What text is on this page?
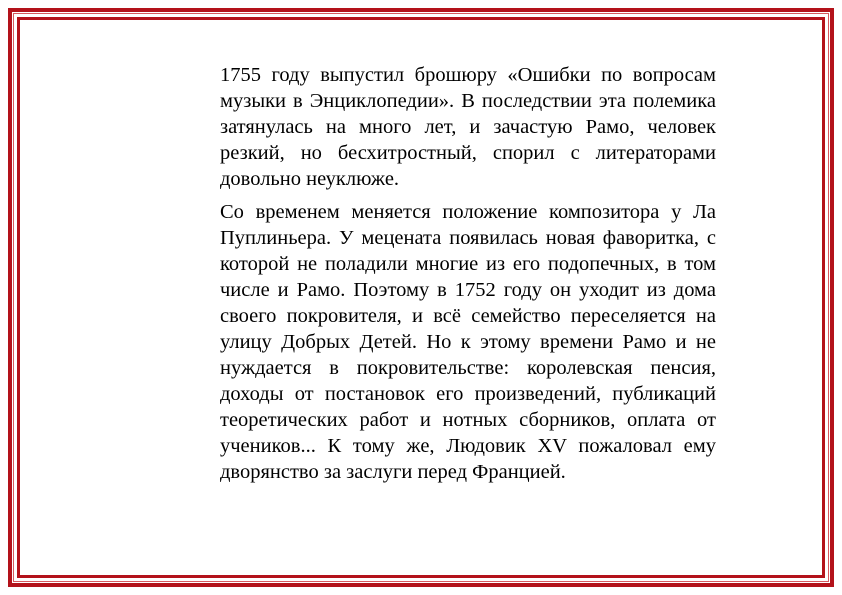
1755 году выпустил брошюру «Ошибки по вопросам музыки в Энциклопедии». В последствии эта полемика затянулась на много лет, и зачастую Рамо, человек резкий, но бесхитростный, спорил с литераторами довольно неуклюже.

Со временем меняется положение композитора у Ла Пуплиньера. У мецената появилась новая фаворитка, с которой не поладили многие из его подопечных, в том числе и Рамо. Поэтому в 1752 году он уходит из дома своего покровителя, и всё семейство переселяется на улицу Добрых Детей. Но к этому времени Рамо и не нуждается в покровительстве: королевская пенсия, доходы от постановок его произведений, публикаций теоретических работ и нотных сборников, оплата от учеников... К тому же, Людовик XV пожаловал ему дворянство за заслуги перед Францией.
